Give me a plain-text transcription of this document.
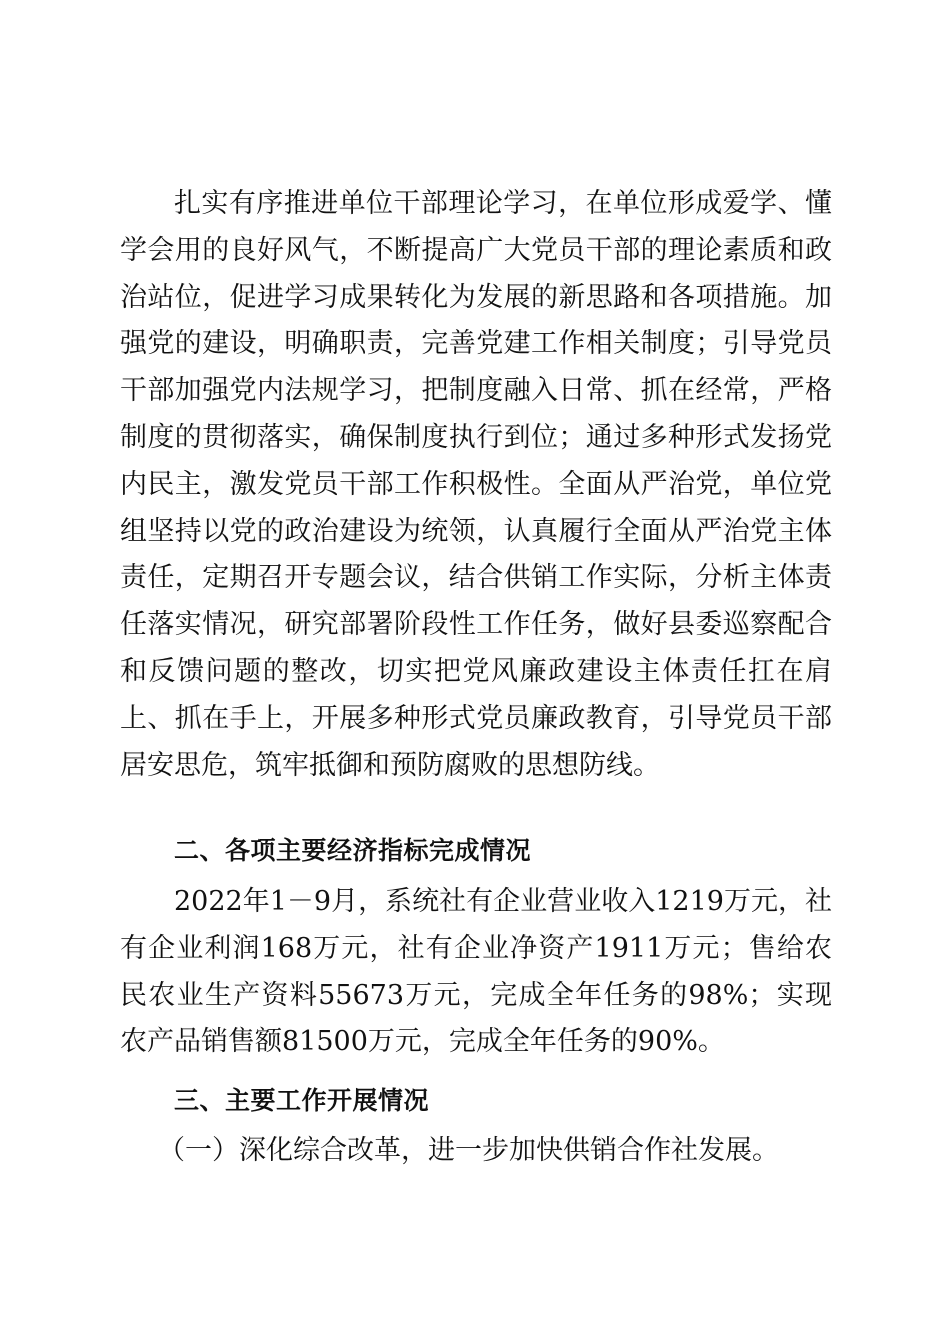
扎实有序推进单位干部理论学习，在单位形成爱学、懂学会用的良好风气，不断提高广大党员干部的理论素质和政治站位，促进学习成果转化为发展的新思路和各项措施。加强党的建设，明确职责，完善党建工作相关制度；引导党员干部加强党内法规学习，把制度融入日常、抓在经常，严格制度的贯彻落实，确保制度执行到位；通过多种形式发扬党内民主，激发党员干部工作积极性。全面从严治党，单位党组坚持以党的政治建设为统领，认真履行全面从严治党主体责任，定期召开专题会议，结合供销工作实际，分析主体责任落实情况，研究部署阶段性工作任务，做好县委巡察配合和反馈问题的整改，切实把党风廉政建设主体责任扛在肩上、抓在手上，开展多种形式党员廉政教育，引导党员干部居安思危，筑牢抵御和预防腐败的思想防线。

二、各项主要经济指标完成情况

2022年1－9月，系统社有企业营业收入1219万元，社有企业利润168万元，社有企业净资产1911万元；售给农民农业生产资料55673万元，完成全年任务的98%；实现农产品销售额81500万元，完成全年任务的90%。

三、主要工作开展情况

（一）深化综合改革，进一步加快供销合作社发展。
